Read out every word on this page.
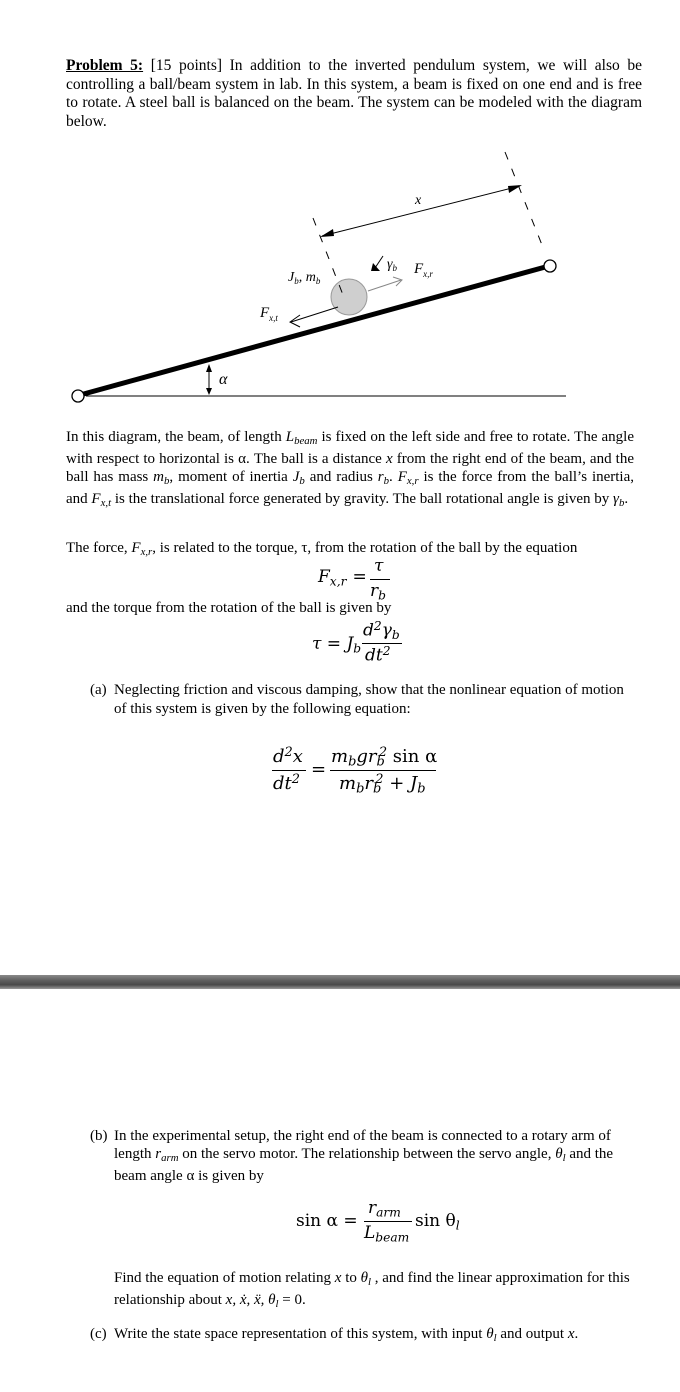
Problem 5: [15 points] In addition to the inverted pendulum system, we will also be controlling a ball/beam system in lab. In this system, a beam is fixed on one end and is free to rotate. A steel ball is balanced on the beam. The system can be modeled with the diagram below.
x
$\gamma_b$ $F_{x,r}$
$J_b$, $m_b$
$F_{x,t}$
α
In this diagram, the beam, of length $L_{beam}$ is fixed on the left side and free to rotate. The angle with respect to horizontal is α. The ball is a distance x from the right end of the beam, and the ball has mass $m_b$, moment of inertia $J_b$ and radius $r_b$. $F_{x,r}$ is the force from the ball’s inertia, and $F_{x,t}$ is the translational force generated by gravity. The ball rotational angle is given by $\gamma_b$.
The force, $F_{x,r}$, is related to the torque, τ, from the rotation of the ball by the equation
$F_{x,r}$ =
τ
$r_b$
and the torque from the rotation of the ball is given by
$\tau = J_b$
$d^2\gamma_b$
$dt^2$
(a) Neglecting friction and viscous damping, show that the nonlinear equation of motion of this system is given by the following equation:
$d^2x$
$dt^2$ =
$m_bgr_b^2$ sin α
$m_br_b^2 + J_b$
(b) In the experimental setup, the right end of the beam is connected to a rotary arm of length $r_{arm}$ on the servo motor. The relationship between the servo angle, $\theta_l$ and the beam angle α is given by
sin α =
$r_{arm}$
$L_{beam}$
$\sin \theta_l$
Find the equation of motion relating x to $\theta_l$ , and find the linear approximation for this relationship about x, ẋ, ẍ, $\theta_l = 0$.
(c) Write the state space representation of this system, with input $\theta_l$ and output x.
